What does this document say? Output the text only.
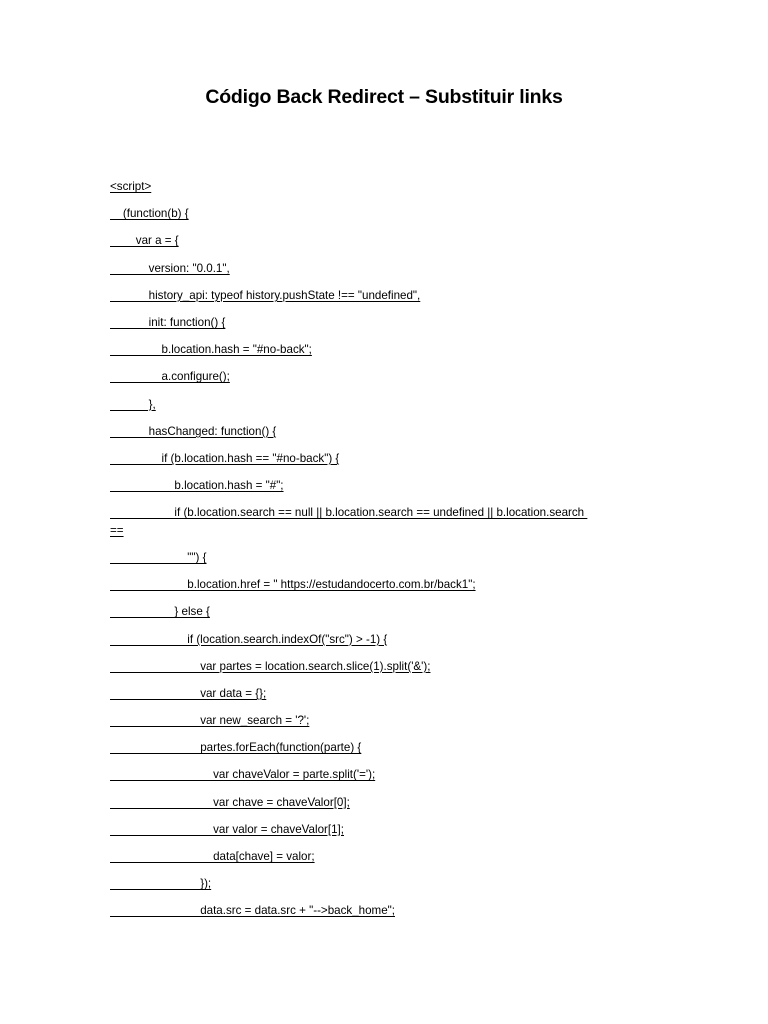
Código Back Redirect – Substituir links
<script>
(function(b) {
var a = {
version: "0.0.1",
history_api: typeof history.pushState !== "undefined",
init: function() {
b.location.hash = "#no-back";
a.configure();
},
hasChanged: function() {
if (b.location.hash == "#no-back") {
b.location.hash = "#";
if (b.location.search == null || b.location.search == undefined || b.location.search
==
"") {
b.location.href = " https://estudandocerto.com.br/back1";
} else {
if (location.search.indexOf("src") > -1) {
var partes = location.search.slice(1).split('&');
var data = {};
var new_search = '?';
partes.forEach(function(parte) {
var chaveValor = parte.split('=');
var chave = chaveValor[0];
var valor = chaveValor[1];
data[chave] = valor;
});
data.src = data.src + "-->back_home";
